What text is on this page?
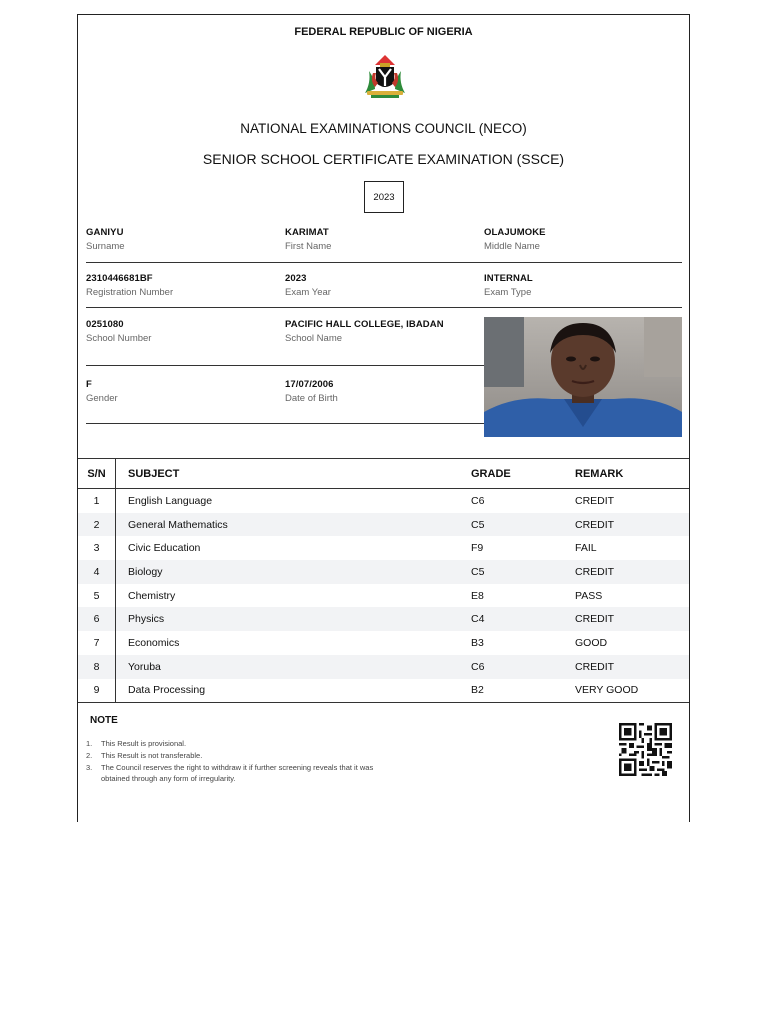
FEDERAL REPUBLIC OF NIGERIA
NATIONAL EXAMINATIONS COUNCIL (NECO)
SENIOR SCHOOL CERTIFICATE EXAMINATION (SSCE)
2023
GANIYU
Surname
KARIMAT
First Name
OLAJUMOKE
Middle Name
2310446681BF
Registration Number
2023
Exam Year
INTERNAL
Exam Type
0251080
School Number
PACIFIC HALL COLLEGE, IBADAN
School Name
F
Gender
17/07/2006
Date of Birth
S/N	SUBJECT	GRADE	REMARK
1	English Language	C6	CREDIT
2	General Mathematics	C5	CREDIT
3	Civic Education	F9	FAIL
4	Biology	C5	CREDIT
5	Chemistry	E8	PASS
6	Physics	C4	CREDIT
7	Economics	B3	GOOD
8	Yoruba	C6	CREDIT
9	Data Processing	B2	VERY GOOD
NOTE
1.	This Result is provisional.
2.	This Result is not transferable.
3.	The Council reserves the right to withdraw it if further screening reveals that it was obtained through any form of irregularity.
